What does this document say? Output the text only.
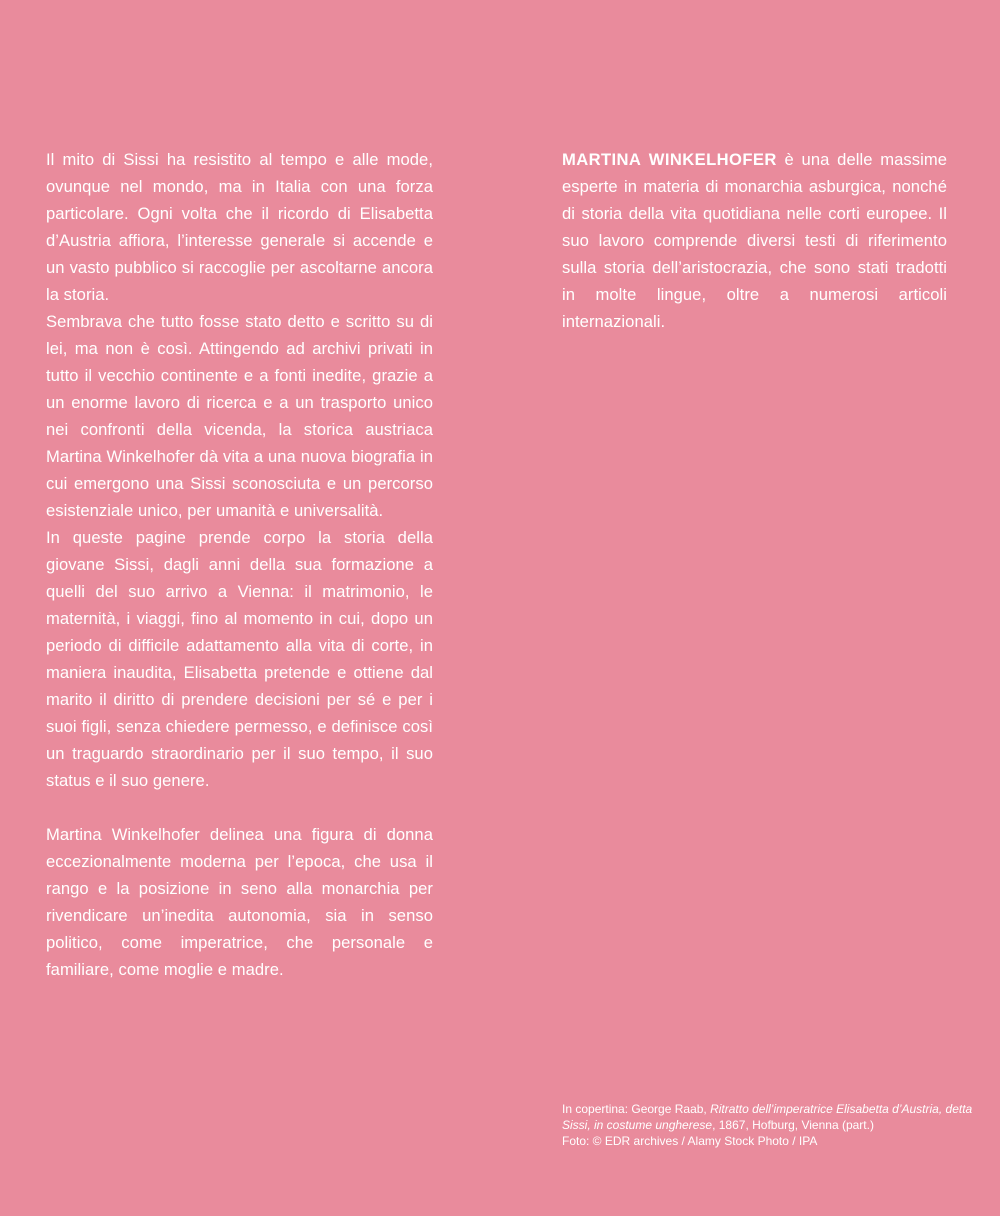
Il mito di Sissi ha resistito al tempo e alle mode, ovunque nel mondo, ma in Italia con una forza particolare. Ogni volta che il ricordo di Elisabetta d’Austria affiora, l’interesse generale si accende e un vasto pubblico si raccoglie per ascoltarne ancora la storia.

Sembrava che tutto fosse stato detto e scritto su di lei, ma non è così. Attingendo ad archivi privati in tutto il vecchio continente e a fonti inedite, grazie a un enorme lavoro di ricerca e a un trasporto unico nei confronti della vicenda, la storica austriaca Martina Winkelhofer dà vita a una nuova biografia in cui emergono una Sissi sconosciuta e un percorso esistenziale unico, per umanità e universalità.

In queste pagine prende corpo la storia della giovane Sissi, dagli anni della sua formazione a quelli del suo arrivo a Vienna: il matrimonio, le maternità, i viaggi, fino al momento in cui, dopo un periodo di difficile adattamento alla vita di corte, in maniera inaudita, Elisabetta pretende e ottiene dal marito il diritto di prendere decisioni per sé e per i suoi figli, senza chiedere permesso, e definisce così un traguardo straordinario per il suo tempo, il suo status e il suo genere.

Martina Winkelhofer delinea una figura di donna eccezionalmente moderna per l’epoca, che usa il rango e la posizione in seno alla monarchia per rivendicare un’inedita autonomia, sia in senso politico, come imperatrice, che personale e familiare, come moglie e madre.

MARTINA WINKELHOFER è una delle massime esperte in materia di monarchia asburgica, nonché di storia della vita quotidiana nelle corti europee. Il suo lavoro comprende diversi testi di riferimento sulla storia dell’aristocrazia, che sono stati tradotti in molte lingue, oltre a numerosi articoli internazionali.

In copertina: George Raab, Ritratto dell’imperatrice Elisabetta d’Austria, detta Sissi, in costume ungherese, 1867, Hofburg, Vienna (part.)

Foto: © EDR archives / Alamy Stock Photo / IPA
